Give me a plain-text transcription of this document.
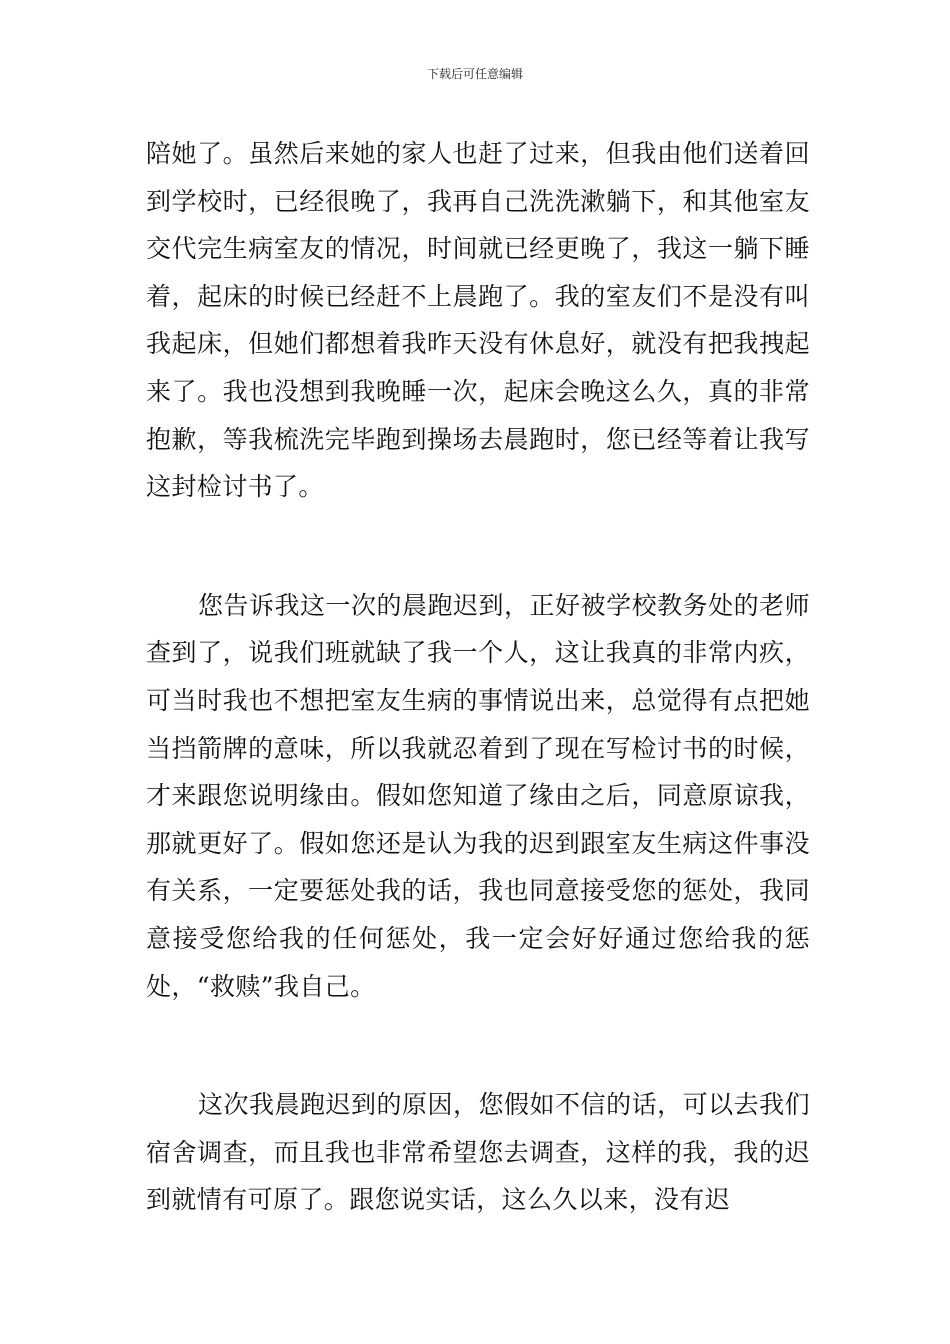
下载后可任意编辑

陪她了。虽然后来她的家人也赶了过来，但我由他们送着回到学校时，已经很晚了，我再自己洗洗漱躺下，和其他室友交代完生病室友的情况，时间就已经更晚了，我这一躺下睡着，起床的时候已经赶不上晨跑了。我的室友们不是没有叫我起床，但她们都想着我昨天没有休息好，就没有把我拽起来了。我也没想到我晚睡一次，起床会晚这么久，真的非常抱歉，等我梳洗完毕跑到操场去晨跑时，您已经等着让我写这封检讨书了。

您告诉我这一次的晨跑迟到，正好被学校教务处的老师查到了，说我们班就缺了我一个人，这让我真的非常内疚，可当时我也不想把室友生病的事情说出来，总觉得有点把她当挡箭牌的意味，所以我就忍着到了现在写检讨书的时候，才来跟您说明缘由。假如您知道了缘由之后，同意原谅我，那就更好了。假如您还是认为我的迟到跟室友生病这件事没有关系，一定要惩处我的话，我也同意接受您的惩处，我同意接受您给我的任何惩处，我一定会好好通过您给我的惩处，“救赎”我自己。

这次我晨跑迟到的原因，您假如不信的话，可以去我们宿舍调查，而且我也非常希望您去调查，这样的我，我的迟到就情有可原了。跟您说实话，这么久以来，没有迟
